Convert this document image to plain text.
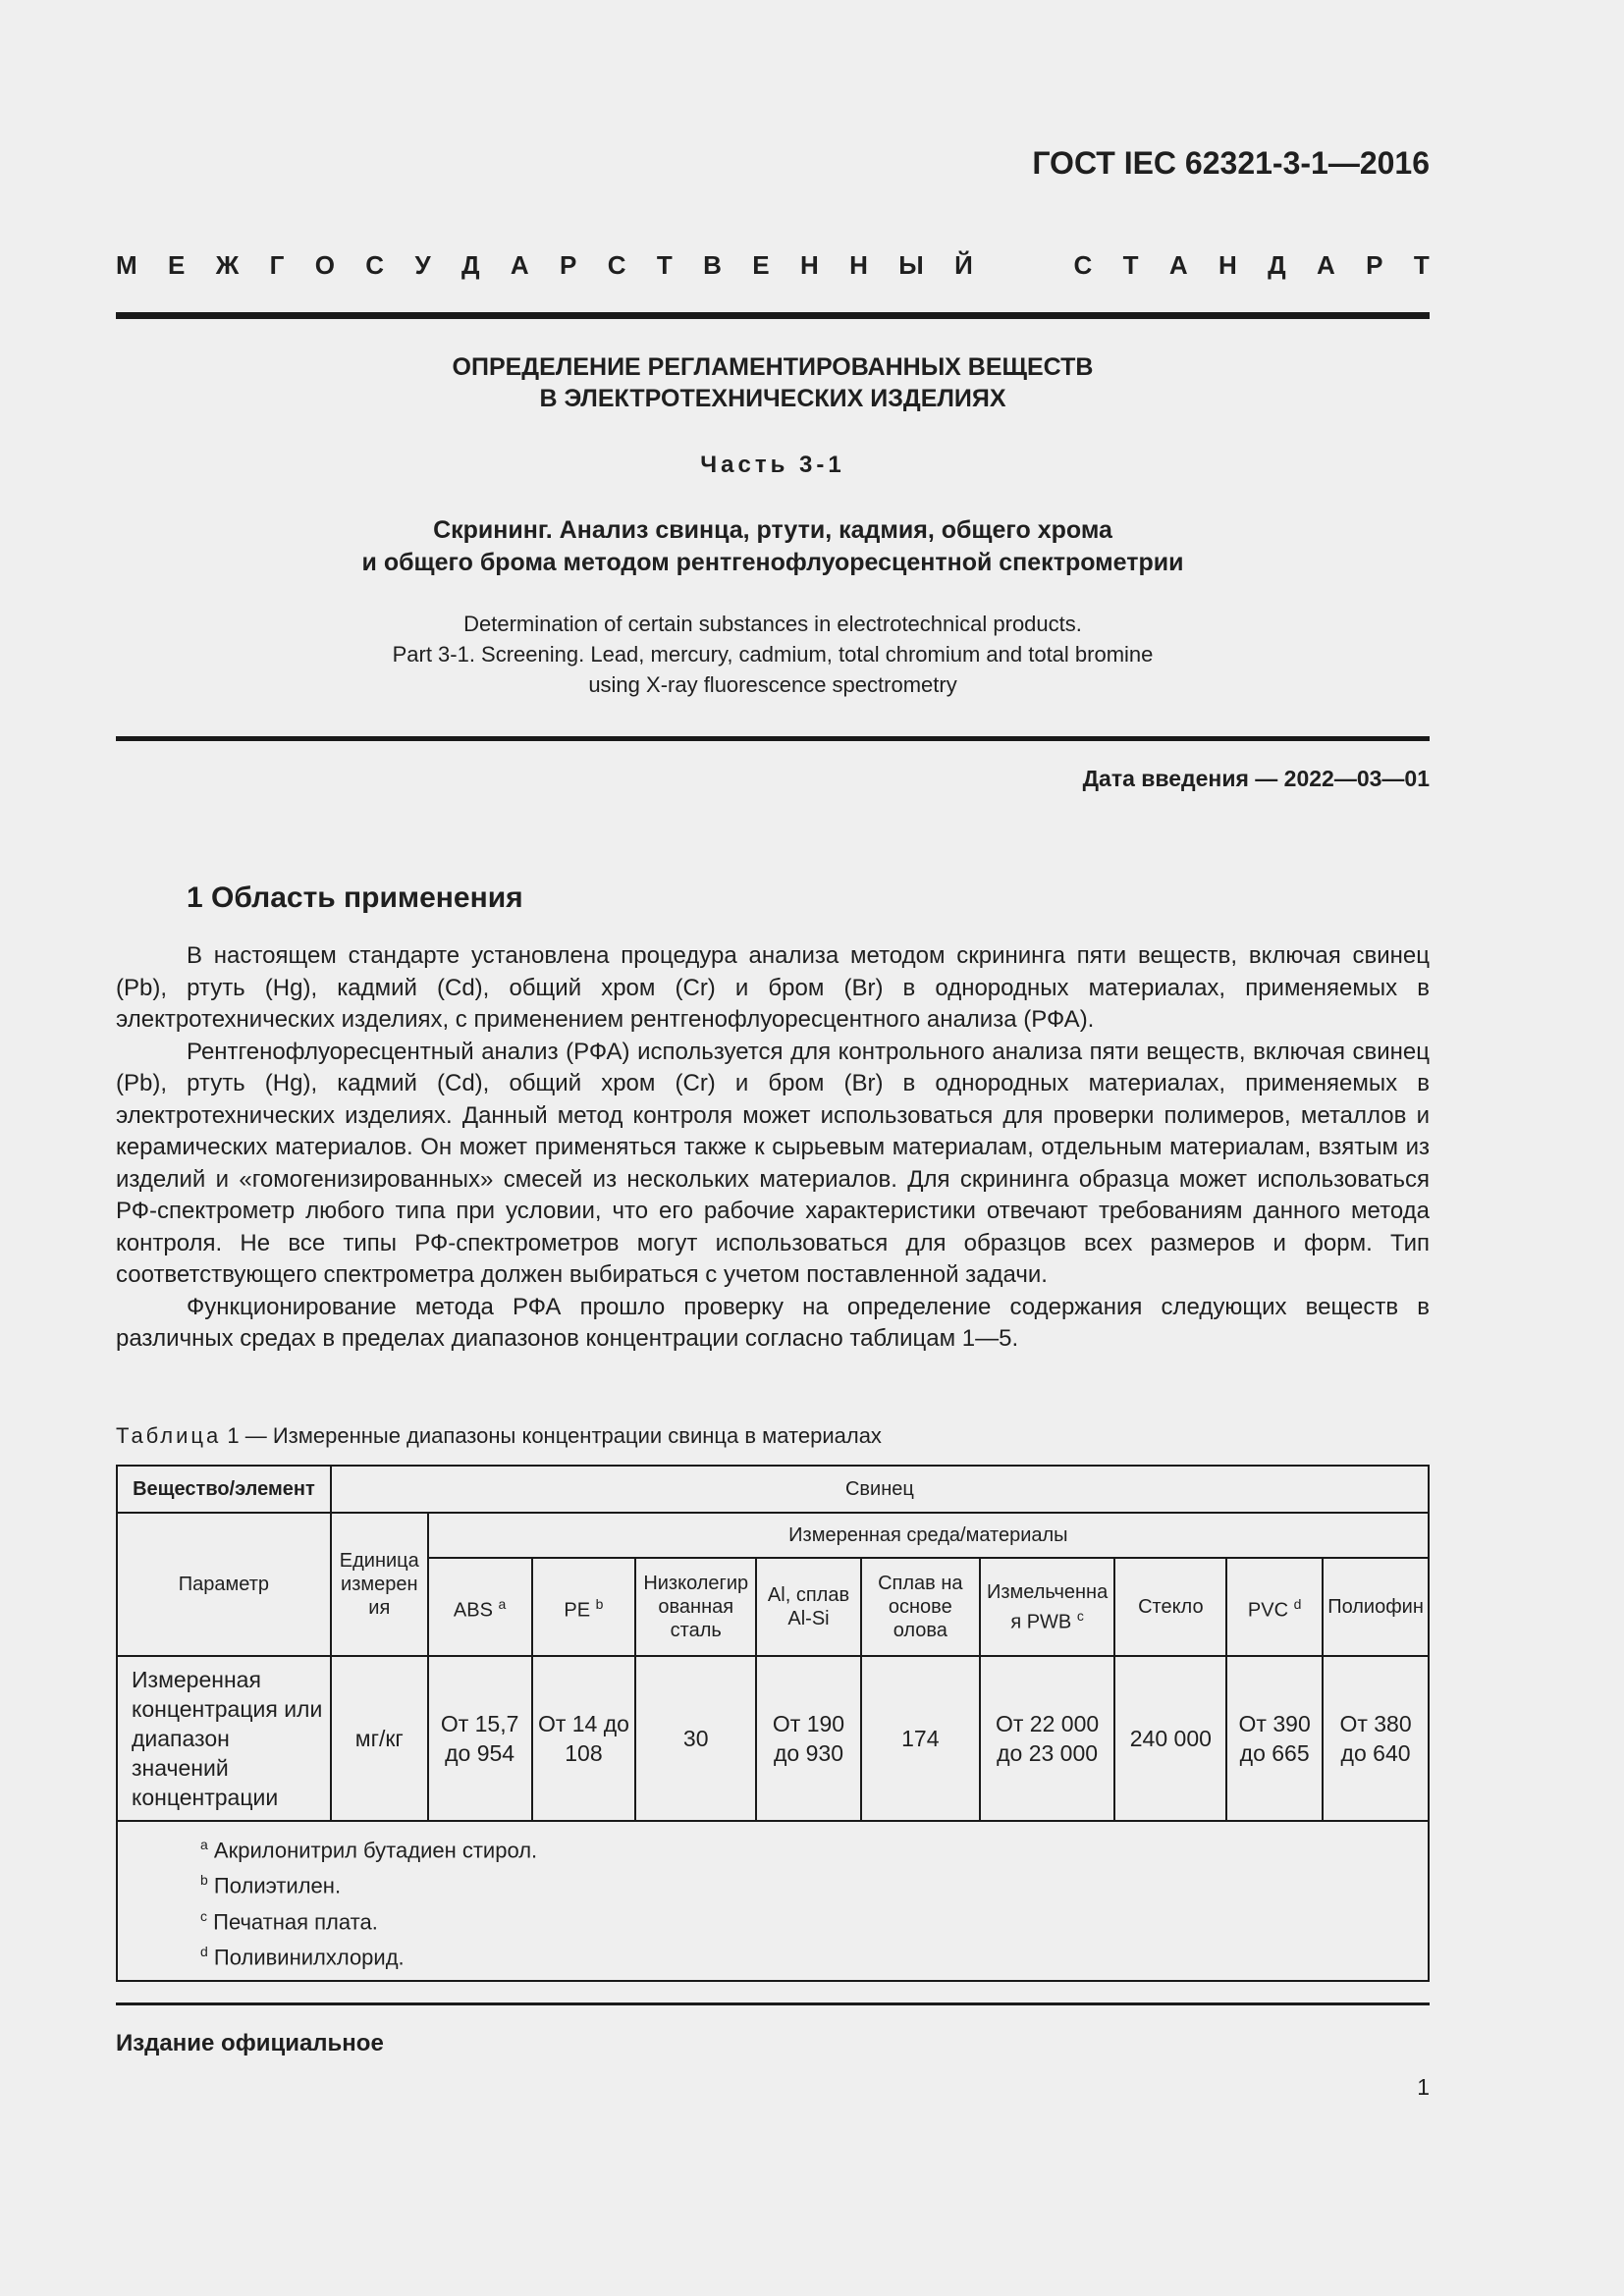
ГОСТ IEC 62321-3-1—2016
М Е Ж Г О С У Д А Р С Т В Е Н Н Ы Й	С Т А Н Д А Р Т
ОПРЕДЕЛЕНИЕ РЕГЛАМЕНТИРОВАННЫХ ВЕЩЕСТВ
В ЭЛЕКТРОТЕХНИЧЕСКИХ ИЗДЕЛИЯХ
Часть 3-1
Скрининг. Анализ свинца, ртути, кадмия, общего хрома
и общего брома методом рентгенофлуоресцентной спектрометрии
Determination of certain substances in electrotechnical products.
Part 3-1. Screening. Lead, mercury, cadmium, total chromium and total bromine
using X-ray fluorescence spectrometry
Дата введения — 2022—03—01
1 Область применения

В настоящем стандарте установлена процедура анализа методом скрининга пяти веществ, включая свинец (Pb), ртуть (Hg), кадмий (Cd), общий хром (Cr) и бром (Br) в однородных материалах, применяемых в электротехнических изделиях, с применением рентгенофлуоресцентного анализа (РФА).

Рентгенофлуоресцентный анализ (РФА) используется для контрольного анализа пяти веществ, включая свинец (Pb), ртуть (Hg), кадмий (Cd), общий хром (Cr) и бром (Br) в однородных материалах, применяемых в электротехнических изделиях. Данный метод контроля может использоваться для проверки полимеров, металлов и керамических материалов. Он может применяться также к сырьевым материалам, отдельным материалам, взятым из изделий и «гомогенизированных» смесей из нескольких материалов. Для скрининга образца может использоваться РФ-спектрометр любого типа при условии, что его рабочие характеристики отвечают требованиям данного метода контроля. Не все типы РФ-спектрометров могут использоваться для образцов всех размеров и форм. Тип соответствующего спектрометра должен выбираться с учетом поставленной задачи.

Функционирование метода РФА прошло проверку на определение содержания следующих веществ в различных средах в пределах диапазонов концентрации согласно таблицам 1—5.

Таблица 1 — Измеренные диапазоны концентрации свинца в материалах
Вещество/элемент	Свинец									
Параметр	Единица измерения	Измеренная среда/материалы								
		ABS $^a$	PE $^b$	Низколегированная сталь	Al, сплав Al-Si	Сплав на основе олова	Измельченная PWB $^c$	Стекло	PVC $^d$	Полиофин
Измеренная концентрация или диапазон значений концентрации	мг/кг	От 15,7 до 954	От 14 до 108	30	От 190 до 930	174	От 22 000 до 23 000	240 000	От 390 до 665	От 380 до 640

$^a$ Акрилонитрил бутадиен стирол.
$^b$ Полиэтилен.
$^c$ Печатная плата.
$^d$ Поливинилхлорид.										
Издание официальное
1
